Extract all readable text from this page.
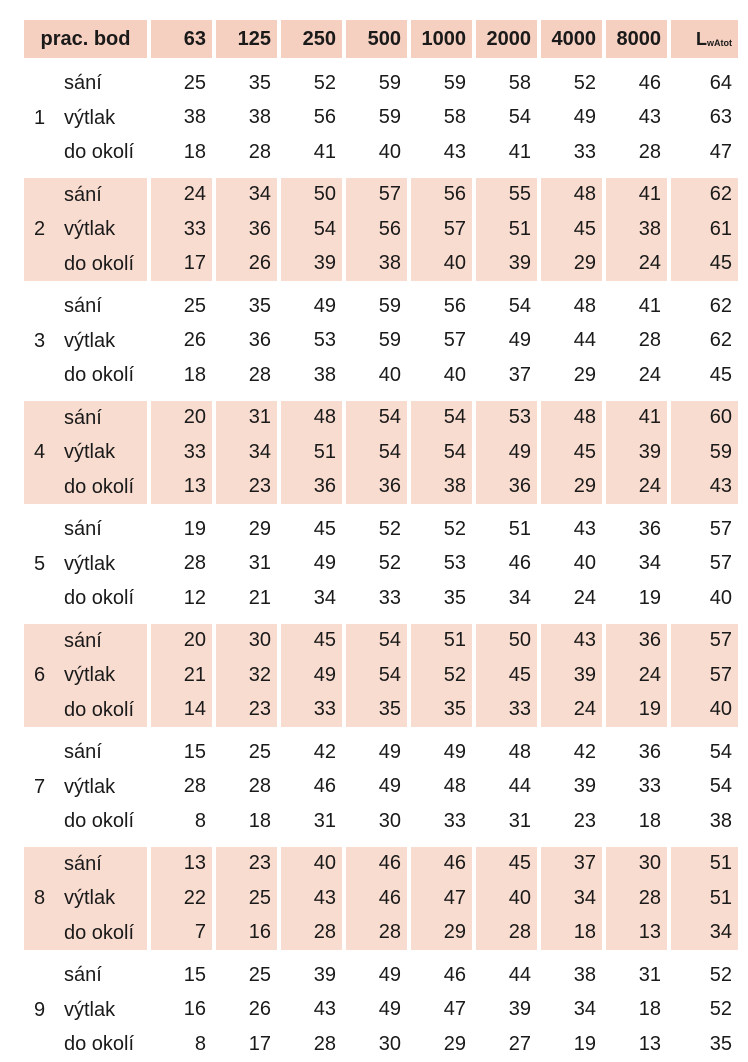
prac. bod	63	125	250	500	1000	2000	4000	8000	$L_{wAtot}$

sání	25	35	52	59	59	58	52	46	64

1 výtlak	38	38	56	59	58	54	49	43	63

do okolí	18	28	41	40	43	41	33	28	47

sání	24	34	50	57	56	55	48	41	62

2 výtlak	33	36	54	56	57	51	45	38	61

do okolí	17	26	39	38	40	39	29	24	45

sání	25	35	49	59	56	54	48	41	62

3 výtlak	26	36	53	59	57	49	44	28	62

do okolí	18	28	38	40	40	37	29	24	45

sání	20	31	48	54	54	53	48	41	60

4 výtlak	33	34	51	54	54	49	45	39	59

do okolí	13	23	36	36	38	36	29	24	43

sání	19	29	45	52	52	51	43	36	57

5 výtlak	28	31	49	52	53	46	40	34	57

do okolí	12	21	34	33	35	34	24	19	40

sání	20	30	45	54	51	50	43	36	57

6 výtlak	21	32	49	54	52	45	39	24	57

do okolí	14	23	33	35	35	33	24	19	40

sání	15	25	42	49	49	48	42	36	54

7 výtlak	28	28	46	49	48	44	39	33	54

do okolí	8	18	31	30	33	31	23	18	38

sání	13	23	40	46	46	45	37	30	51

8 výtlak	22	25	43	46	47	40	34	28	51

do okolí	7	16	28	28	29	28	18	13	34

sání	15	25	39	49	46	44	38	31	52

9 výtlak	16	26	43	49	47	39	34	18	52

do okolí	8	17	28	30	29	27	19	13	35
